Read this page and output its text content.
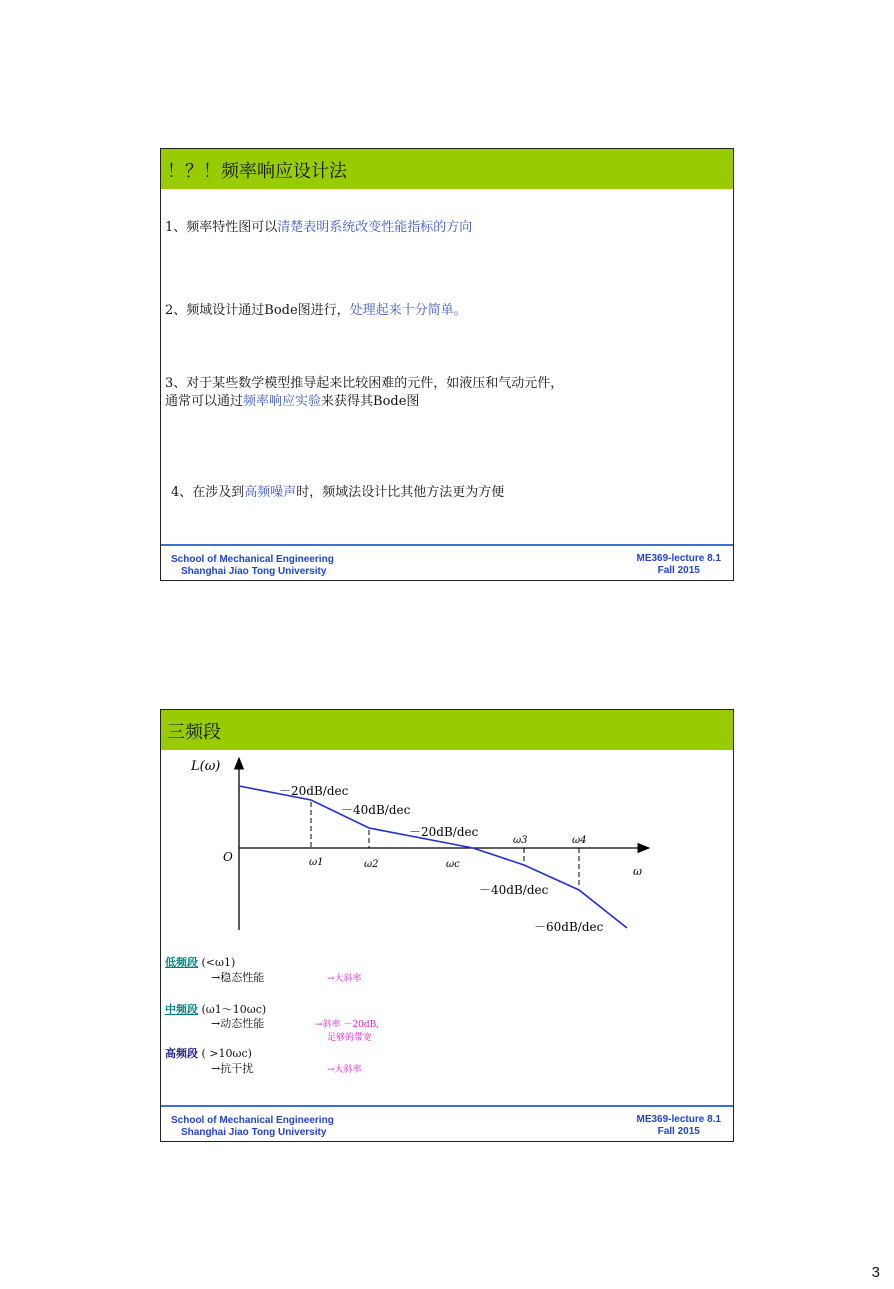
！？！频率响应设计法
1、频率特性图可以清楚表明系统改变性能指标的方向
2、频域设计通过Bode图进行，处理起来十分简单。
3、对于某些数学模型推导起来比较困难的元件，如液压和气动元件，
通常可以通过频率响应实验来获得其Bode图
4、在涉及到高频噪声时，频域法设计比其他方法更为方便
School of Mechanical Engineering
Shanghai Jiao Tong University
ME369-lecture 8.1
Fall 2015
三频段
L(ω)
O
ω
ω1	ω2	ωc
ω3	ω4
－20dB/dec
－40dB/dec
－20dB/dec
－40dB/dec
－60dB/dec
低频段 (<ω1)
→稳态性能	→大斜率
中频段 (ω1～10ωc)
→动态性能	→斜率 －20dB,
足够的带宽
高频段 ( >10ωc)
→抗干扰	→大斜率
School of Mechanical Engineering
Shanghai Jiao Tong University
ME369-lecture 8.1
Fall 2015
3
